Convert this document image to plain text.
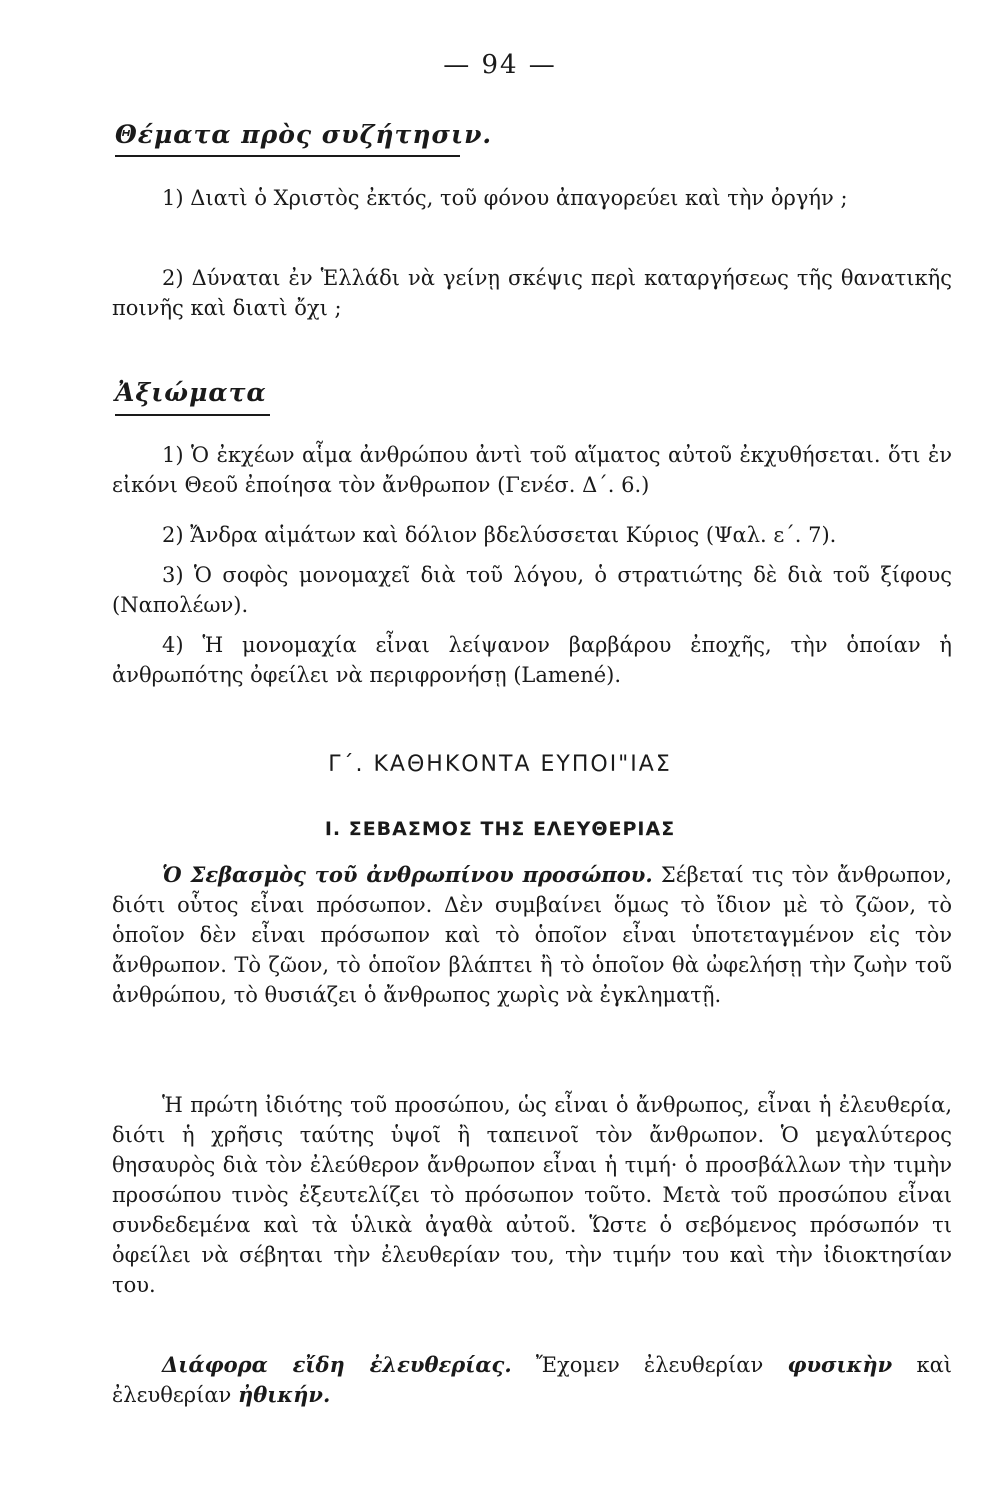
— 94 —
Θέματα πρὸς συζήτησιν.
1) Διατὶ ὁ Χριστὸς ἐκτός, τοῦ φόνου ἀπαγορεύει καὶ τὴν ὀργήν ;
2) Δύναται ἐν Ἑλλάδι νὰ γείνῃ σκέψις περὶ καταργήσεως τῆς θανατικῆς ποινῆς καὶ διατὶ ὄχι ;
Ἀξιώματα
1) Ὁ ἐκχέων αἷμα ἀνθρώπου ἀντὶ τοῦ αἵματος αὐτοῦ ἐκχυθήσεται. ὅτι ἐν εἰκόνι Θεοῦ ἐποίησα τὸν ἄνθρωπον (Γενέσ. Δ΄. 6.)
2) Ἄνδρα αἱμάτων καὶ δόλιον βδελύσσεται Κύριος (Ψαλ. ε΄. 7).
3) Ὁ σοφὸς μονομαχεῖ διὰ τοῦ λόγου, ὁ στρατιώτης δὲ διὰ τοῦ ξίφους (Ναπολέων).
4) Ἡ μονομαχία εἶναι λείψανον βαρβάρου ἐποχῆς, τὴν ὁποίαν ἡ ἀνθρωπότης ὀφείλει νὰ περιφρονήσῃ (Lamené).
Γ΄. ΚΑΘΗΚΟΝΤΑ ΕΥΠΟΙ"ΙΑΣ
Ι. ΣΕΒΑΣΜΟΣ ΤΗΣ ΕΛΕΥΘΕΡΙΑΣ
Ὁ Σεβασμὸς τοῦ ἀνθρωπίνου προσώπου. Σέβεταί τις τὸν ἄνθρωπον, διότι οὗτος εἶναι πρόσωπον. Δὲν συμβαίνει ὅμως τὸ ἴδιον μὲ τὸ ζῶον, τὸ ὁποῖον δὲν εἶναι πρόσωπον καὶ τὸ ὁποῖον εἶναι ὑποτεταγμένον εἰς τὸν ἄνθρωπον. Τὸ ζῶον, τὸ ὁποῖον βλάπτει ἢ τὸ ὁποῖον θὰ ὠφελήσῃ τὴν ζωὴν τοῦ ἀνθρώπου, τὸ θυσιάζει ὁ ἄνθρωπος χωρὶς νὰ ἐγκληματῇ.
Ἡ πρώτη ἰδιότης τοῦ προσώπου, ὡς εἶναι ὁ ἄνθρωπος, εἶναι ἡ ἐλευθερία, διότι ἡ χρῆσις ταύτης ὑψοῖ ἢ ταπεινοῖ τὸν ἄνθρωπον. Ὁ μεγαλύτερος θησαυρὸς διὰ τὸν ἐλεύθερον ἄνθρωπον εἶναι ἡ τιμή· ὁ προσβάλλων τὴν τιμὴν προσώπου τινὸς ἐξευτελίζει τὸ πρόσωπον τοῦτο. Μετὰ τοῦ προσώπου εἶναι συνδεδεμένα καὶ τὰ ὑλικὰ ἀγαθὰ αὐτοῦ. Ὥστε ὁ σεβόμενος πρόσωπόν τι ὀφείλει νὰ σέβηται τὴν ἐλευθερίαν του, τὴν τιμήν του καὶ τὴν ἰδιοκτησίαν του.
Διάφορα εἴδη ἐλευθερίας. Ἔχομεν ἐλευθερίαν φυσικὴν καὶ ἐλευθερίαν ἠθικήν.
